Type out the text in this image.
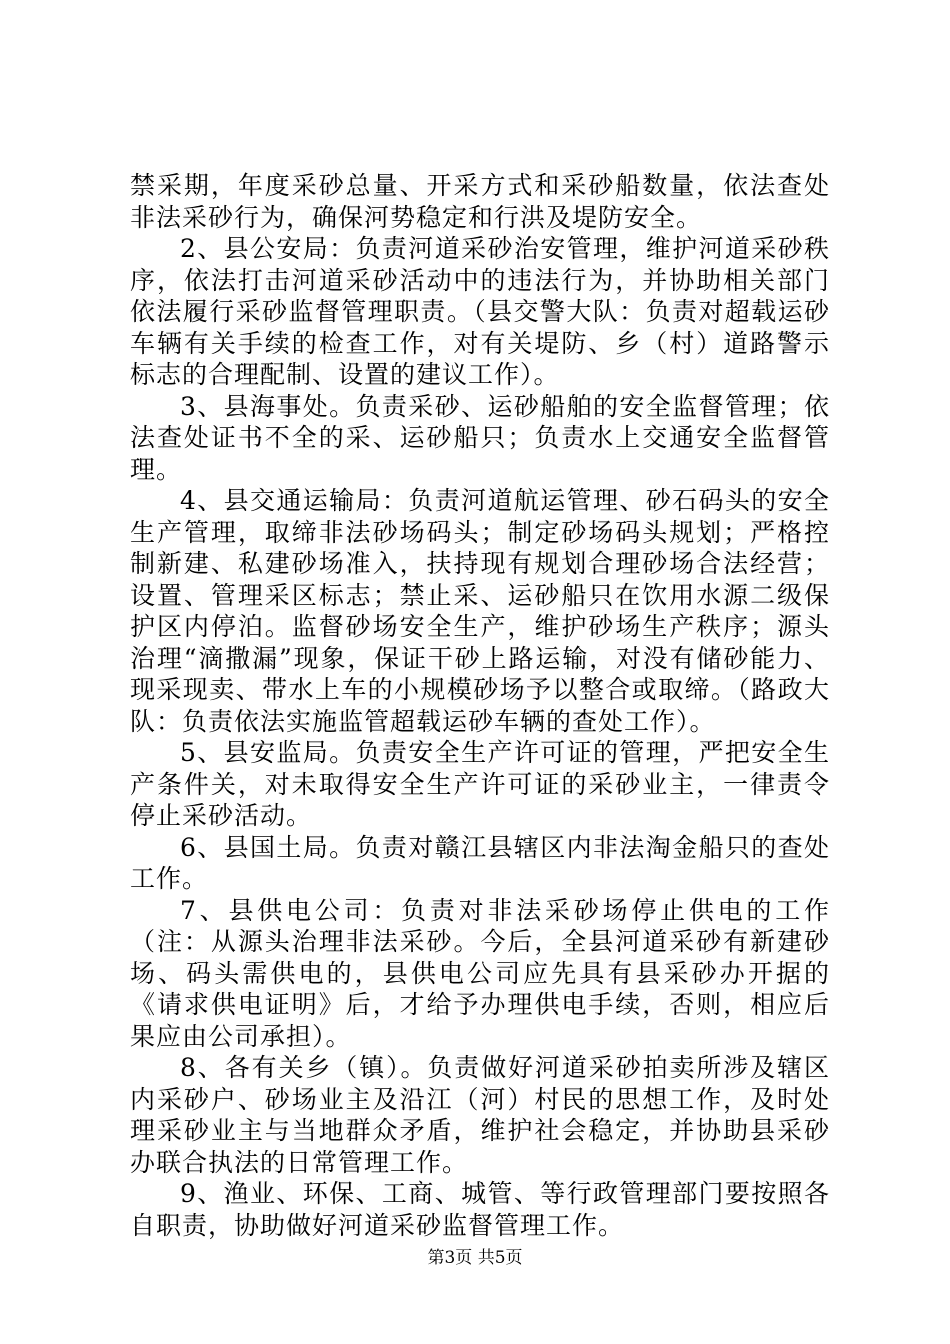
禁采期，年度采砂总量、开采方式和采砂船数量，依法查处非法采砂行为，确保河势稳定和行洪及堤防安全。

2、县公安局：负责河道采砂治安管理，维护河道采砂秩序，依法打击河道采砂活动中的违法行为，并协助相关部门依法履行采砂监督管理职责。（县交警大队：负责对超载运砂车辆有关手续的检查工作，对有关堤防、乡（村）道路警示标志的合理配制、设置的建议工作）。

3、县海事处。负责采砂、运砂船舶的安全监督管理；依法查处证书不全的采、运砂船只；负责水上交通安全监督管理。

4、县交通运输局：负责河道航运管理、砂石码头的安全生产管理，取缔非法砂场码头；制定砂场码头规划；严格控制新建、私建砂场准入，扶持现有规划合理砂场合法经营；设置、管理采区标志；禁止采、运砂船只在饮用水源二级保护区内停泊。监督砂场安全生产，维护砂场生产秩序；源头治理“滴撒漏”现象，保证干砂上路运输，对没有储砂能力、现采现卖、带水上车的小规模砂场予以整合或取缔。（路政大队：负责依法实施监管超载运砂车辆的查处工作）。

5、县安监局。负责安全生产许可证的管理，严把安全生产条件关，对未取得安全生产许可证的采砂业主，一律责令停止采砂活动。

6、县国土局。负责对赣江县辖区内非法淘金船只的查处工作。

7、县供电公司：负责对非法采砂场停止供电的工作（注：从源头治理非法采砂。今后，全县河道采砂有新建砂场、码头需供电的，县供电公司应先具有县采砂办开据的《请求供电证明》后，才给予办理供电手续，否则，相应后果应由公司承担）。

8、各有关乡（镇）。负责做好河道采砂拍卖所涉及辖区内采砂户、砂场业主及沿江（河）村民的思想工作，及时处理采砂业主与当地群众矛盾，维护社会稳定，并协助县采砂办联合执法的日常管理工作。

9、渔业、环保、工商、城管、等行政管理部门要按照各自职责，协助做好河道采砂监督管理工作。

第3页 共5页
